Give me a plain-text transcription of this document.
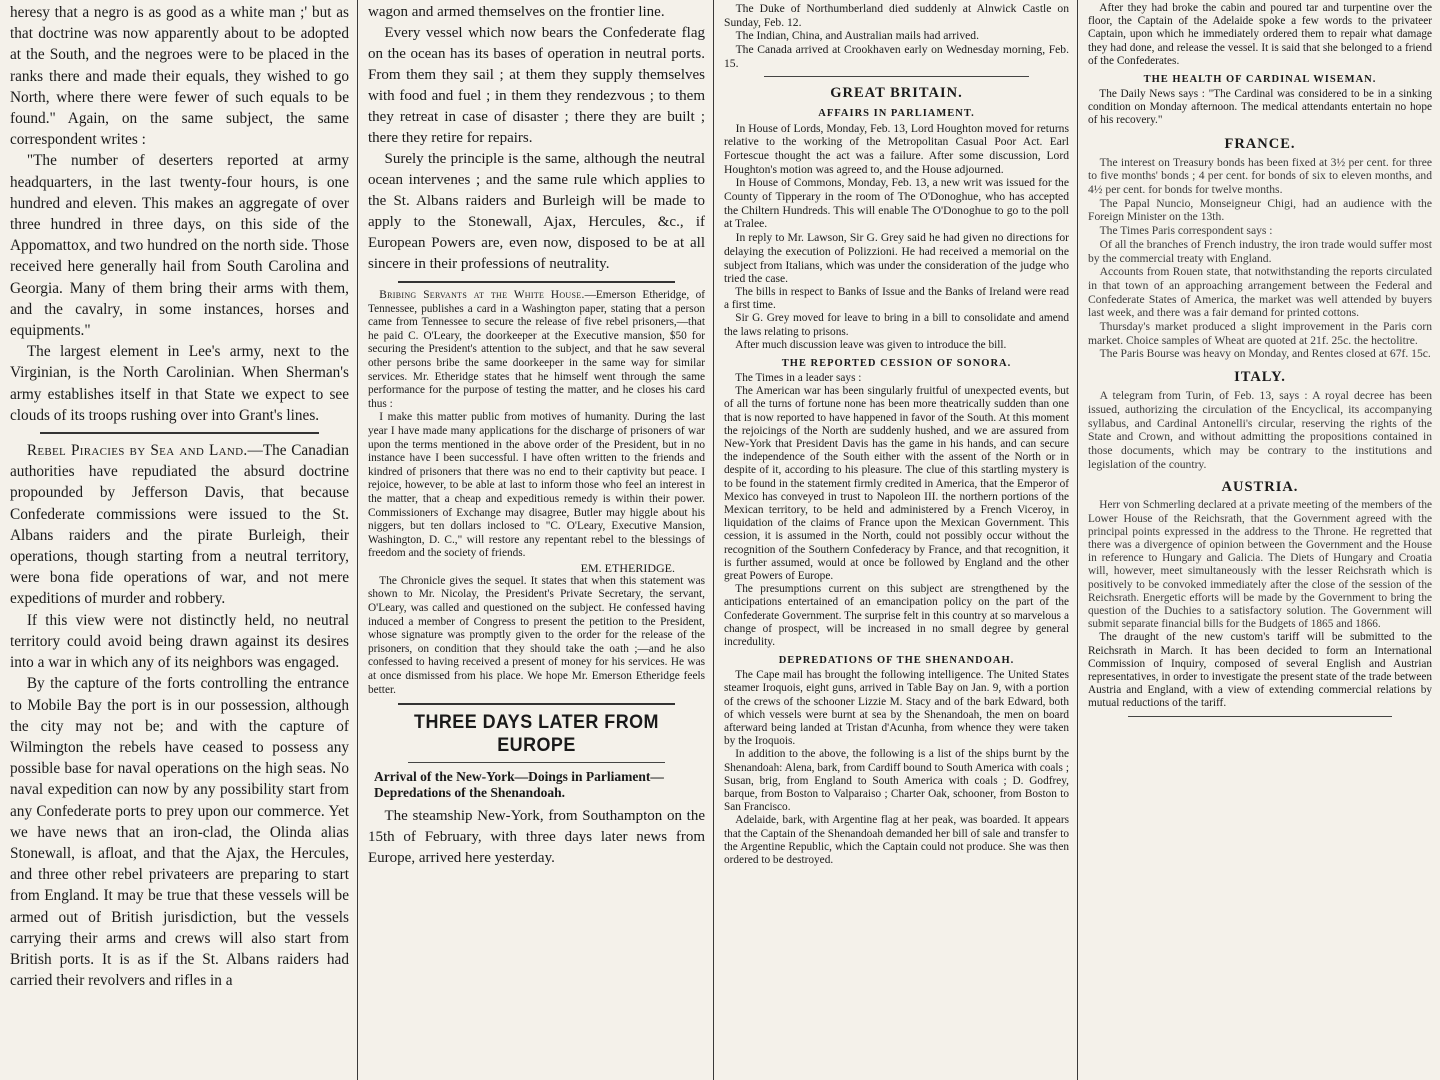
heresy that a negro is as good as a white man ;' but as that doctrine was now apparently about to be adopted at the South, and the negroes were to be placed in the ranks there and made their equals, they wished to go North, where there were fewer of such equals to be found." Again, on the same subject, the same correspondent writes :

"The number of deserters reported at army headquarters, in the last twenty-four hours, is one hundred and eleven. This makes an aggregate of over three hundred in three days, on this side of the Appomattox, and two hundred on the north side. Those received here generally hail from South Carolina and Georgia. Many of them bring their arms with them, and the cavalry, in some instances, horses and equipments."

The largest element in Lee's army, next to the Virginian, is the North Carolinian. When Sherman's army establishes itself in that State we expect to see clouds of its troops rushing over into Grant's lines.

Rebel Piracies by Sea and Land.—The Canadian authorities have repudiated the absurd doctrine propounded by Jefferson Davis, that because Confederate commissions were issued to the St. Albans raiders and the pirate Burleigh, their operations, though starting from a neutral territory, were bona fide operations of war, and not mere expeditions of murder and robbery.

If this view were not distinctly held, no neutral territory could avoid being drawn against its desires into a war in which any of its neighbors was engaged.

By the capture of the forts controlling the entrance to Mobile Bay the port is in our possession, although the city may not be; and with the capture of Wilmington the rebels have ceased to possess any possible base for naval operations on the high seas. No naval expedition can now by any possibility start from any Confederate ports to prey upon our commerce. Yet we have news that an iron-clad, the Olinda alias Stonewall, is afloat, and that the Ajax, the Hercules, and three other rebel privateers are preparing to start from England. It may be true that these vessels will be armed out of British jurisdiction, but the vessels carrying their arms and crews will also start from British ports. It is as if the St. Albans raiders had carried their revolvers and rifles in a

wagon and armed themselves on the frontier line.

Every vessel which now bears the Confederate flag on the ocean has its bases of operation in neutral ports. From them they sail ; at them they supply themselves with food and fuel ; in them they rendezvous ; to them they retreat in case of disaster ; there they are built ; there they retire for repairs.

Surely the principle is the same, although the neutral ocean intervenes ; and the same rule which applies to the St. Albans raiders and Burleigh will be made to apply to the Stonewall, Ajax, Hercules, &c., if European Powers are, even now, disposed to be at all sincere in their professions of neutrality.

Bribing Servants at the White House.—Emerson Etheridge, of Tennessee, publishes a card in a Washington paper, stating that a person came from Tennessee to secure the release of five rebel prisoners,—that he paid C. O'Leary, the doorkeeper at the Executive mansion, $50 for securing the President's attention to the subject, and that he saw several other persons bribe the same doorkeeper in the same way for similar services. Mr. Etheridge states that he himself went through the same performance for the purpose of testing the matter, and he closes his card thus :

I make this matter public from motives of humanity. During the last year I have made many applications for the discharge of prisoners of war upon the terms mentioned in the above order of the President, but in no instance have I been successful. I have often written to the friends and kindred of prisoners that there was no end to their captivity but peace. I rejoice, however, to be able at last to inform those who feel an interest in the matter, that a cheap and expeditious remedy is within their power. Commissioners of Exchange may disagree, Butler may higgle about his niggers, but ten dollars inclosed to "C. O'Leary, Executive Mansion, Washington, D. C.," will restore any repentant rebel to the blessings of freedom and the society of friends.

EM. ETHERIDGE.

The Chronicle gives the sequel. It states that when this statement was shown to Mr. Nicolay, the President's Private Secretary, the servant, O'Leary, was called and questioned on the subject. He confessed having induced a member of Congress to present the petition to the President, whose signature was promptly given to the order for the release of the prisoners, on condition that they should take the oath ;—and he also confessed to having received a present of money for his services. He was at once dismissed from his place. We hope Mr. Emerson Etheridge feels better.

THREE DAYS LATER FROM EUROPE
Arrival of the New-York—Doings in Parliament—Depredations of the Shenandoah.

The steamship New-York, from Southampton on the 15th of February, with three days later news from Europe, arrived here yesterday.

The Duke of Northumberland died suddenly at Alnwick Castle on Sunday, Feb. 12.

The Indian, China, and Australian mails had arrived.

The Canada arrived at Crookhaven early on Wednesday morning, Feb. 15.

GREAT BRITAIN.
AFFAIRS IN PARLIAMENT.

In House of Lords, Monday, Feb. 13, Lord Houghton moved for returns relative to the working of the Metropolitan Casual Poor Act. Earl Fortescue thought the act was a failure. After some discussion, Lord Houghton's motion was agreed to, and the House adjourned.

In House of Commons, Monday, Feb. 13, a new writ was issued for the County of Tipperary in the room of The O'Donoghue, who has accepted the Chiltern Hundreds. This will enable The O'Donoghue to go to the poll at Tralee.

In reply to Mr. Lawson, Sir G. Grey said he had given no directions for delaying the execution of Polizzioni. He had received a memorial on the subject from Italians, which was under the consideration of the judge who tried the case.

The bills in respect to Banks of Issue and the Banks of Ireland were read a first time.

Sir G. Grey moved for leave to bring in a bill to consolidate and amend the laws relating to prisons.

After much discussion leave was given to introduce the bill.

THE REPORTED CESSION OF SONORA.

The Times in a leader says :

The American war has been singularly fruitful of unexpected events, but of all the turns of fortune none has been more theatrically sudden than one that is now reported to have happened in favor of the South. At this moment the rejoicings of the North are suddenly hushed, and we are assured from New-York that President Davis has the game in his hands, and can secure the independence of the South either with the assent of the North or in despite of it, according to his pleasure. The clue of this startling mystery is to be found in the statement firmly credited in America, that the Emperor of Mexico has conveyed in trust to Napoleon III. the northern portions of the Mexican territory, to be held and administered by a French Viceroy, in liquidation of the claims of France upon the Mexican Government. This cession, it is assumed in the North, could not possibly occur without the recognition of the Southern Confederacy by France, and that recognition, it is further assumed, would at once be followed by England and the other great Powers of Europe.

The presumptions current on this subject are strengthened by the anticipations entertained of an emancipation policy on the part of the Confederate Government. The surprise felt in this country at so marvelous a change of prospect, will be increased in no small degree by general incredulity.

DEPREDATIONS OF THE SHENANDOAH.

The Cape mail has brought the following intelligence. The United States steamer Iroquois, eight guns, arrived in Table Bay on Jan. 9, with a portion of the crews of the schooner Lizzie M. Stacy and of the bark Edward, both of which vessels were burnt at sea by the Shenandoah, the men on board afterward being landed at Tristan d'Acunha, from whence they were taken by the Iroquois.

In addition to the above, the following is a list of the ships burnt by the Shenandoah: Alena, bark, from Cardiff bound to South America with coals ; Susan, brig, from England to South America with coals ; D. Godfrey, barque, from Boston to Valparaiso ; Charter Oak, schooner, from Boston to San Francisco.

Adelaide, bark, with Argentine flag at her peak, was boarded. It appears that the Captain of the Shenandoah demanded her bill of sale and transfer to the Argentine Republic, which the Captain could not produce. She was then ordered to be destroyed.

After they had broke the cabin and poured tar and turpentine over the floor, the Captain of the Adelaide spoke a few words to the privateer Captain, upon which he immediately ordered them to repair what damage they had done, and release the vessel. It is said that she belonged to a friend of the Confederates.

THE HEALTH OF CARDINAL WISEMAN.

The Daily News says : "The Cardinal was considered to be in a sinking condition on Monday afternoon. The medical attendants entertain no hope of his recovery."

FRANCE.

The interest on Treasury bonds has been fixed at 3½ per cent. for three to five months' bonds ; 4 per cent. for bonds of six to eleven months, and 4½ per cent. for bonds for twelve months.

The Papal Nuncio, Monseigneur Chigi, had an audience with the Foreign Minister on the 13th.

The Times Paris correspondent says :

Of all the branches of French industry, the iron trade would suffer most by the commercial treaty with England.

Accounts from Rouen state, that notwithstanding the reports circulated in that town of an approaching arrangement between the Federal and Confederate States of America, the market was well attended by buyers last week, and there was a fair demand for printed cottons.

Thursday's market produced a slight improvement in the Paris corn market. Choice samples of Wheat are quoted at 21f. 25c. the hectolitre.

The Paris Bourse was heavy on Monday, and Rentes closed at 67f. 15c.

ITALY.

A telegram from Turin, of Feb. 13, says : A royal decree has been issued, authorizing the circulation of the Encyclical, its accompanying syllabus, and Cardinal Antonelli's circular, reserving the rights of the State and Crown, and without admitting the propositions contained in those documents, which may be contrary to the institutions and legislation of the country.

AUSTRIA.

Herr von Schmerling declared at a private meeting of the members of the Lower House of the Reichsrath, that the Government agreed with the principal points expressed in the address to the Throne. He regretted that there was a divergence of opinion between the Government and the House in reference to Hungary and Galicia. The Diets of Hungary and Croatia will, however, meet simultaneously with the lesser Reichsrath which is positively to be convoked immediately after the close of the session of the Reichsrath. Energetic efforts will be made by the Government to bring the question of the Duchies to a satisfactory solution. The Government will submit separate financial bills for the Budgets of 1865 and 1866.

The draught of the new custom's tariff will be submitted to the Reichsrath in March. It has been decided to form an International Commission of Inquiry, composed of several English and Austrian representatives, in order to investigate the present state of the trade between Austria and England, with a view of extending commercial relations by mutual reductions of the tariff.
